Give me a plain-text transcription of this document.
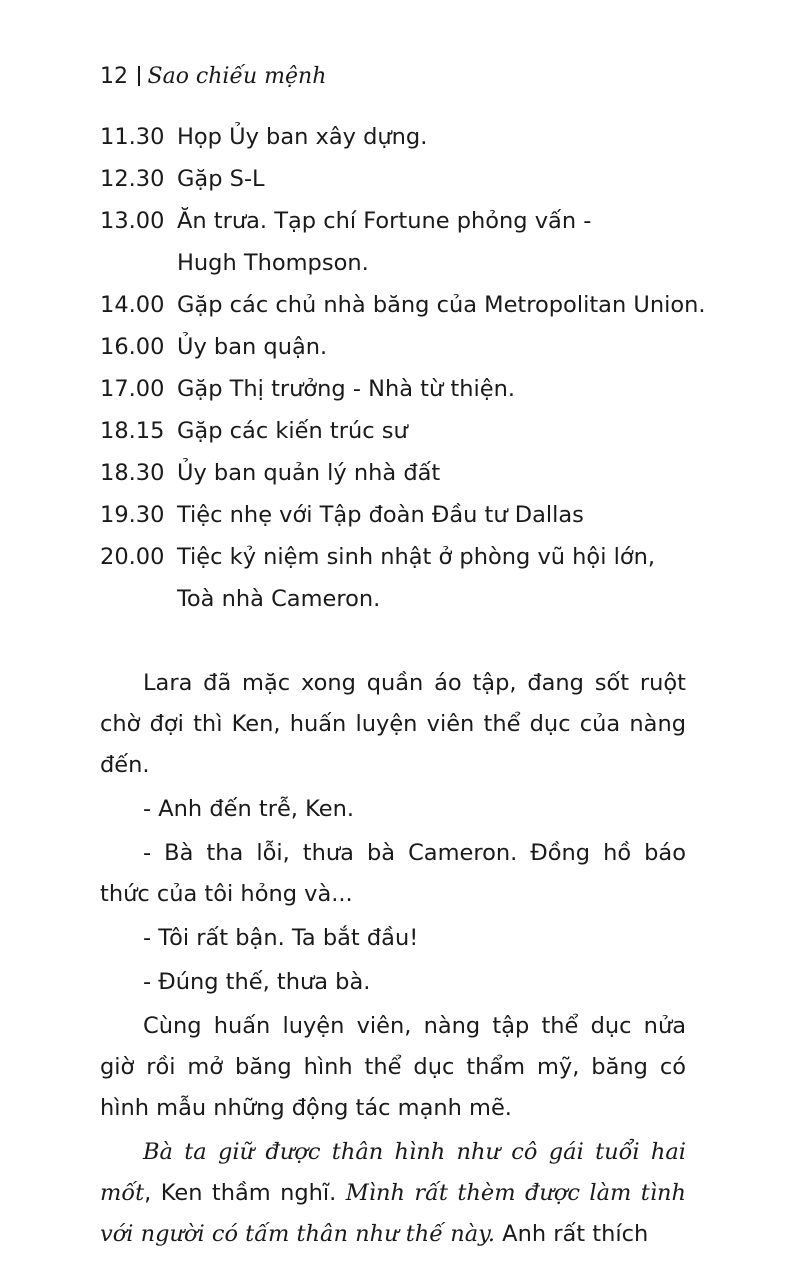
12 Sao chiếu mệnh
11.30 Họp Ủy ban xây dựng.
12.30 Gặp S-L
13.00 Ăn trưa. Tạp chí Fortune phỏng vấn -
Hugh Thompson.
14.00 Gặp các chủ nhà băng của Metropolitan Union.
16.00 Ủy ban quận.
17.00 Gặp Thị trưởng - Nhà từ thiện.
18.15 Gặp các kiến trúc sư
18.30 Ủy ban quản lý nhà đất
19.30 Tiệc nhẹ với Tập đoàn Đầu tư Dallas
20.00 Tiệc kỷ niệm sinh nhật ở phòng vũ hội lớn,
Toà nhà Cameron.

Lara đã mặc xong quần áo tập, đang sốt ruột chờ đợi thì Ken, huấn luyện viên thể dục của nàng đến.

- Anh đến trễ, Ken.

- Bà tha lỗi, thưa bà Cameron. Đồng hồ báo thức của tôi hỏng và...

- Tôi rất bận. Ta bắt đầu!

- Đúng thế, thưa bà.

Cùng huấn luyện viên, nàng tập thể dục nửa giờ rồi mở băng hình thể dục thẩm mỹ, băng có hình mẫu những động tác mạnh mẽ.

Bà ta giữ được thân hình như cô gái tuổi hai mốt, Ken thầm nghĩ. Mình rất thèm được làm tình với người có tấm thân như thế này. Anh rất thích
